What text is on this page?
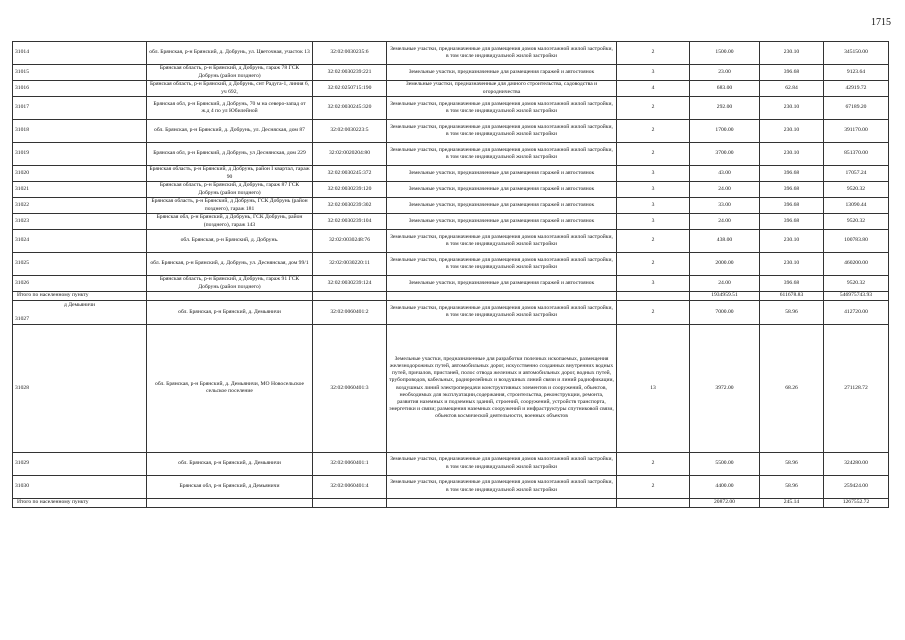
1715
31014	обл. Брянская, р-н Брянский, д. Добрунь, ул. Цветочная, участок 13	32:02:0030235:6	Земельные участки, предназначенные для размещения домов малоэтажной жилой застройки, в том числе индивидуальной жилой застройки	2	1500.00	230.10	345150.00
31015	Брянская область, р-н Брянский, д Добрунь, гараж 78 ГСК Добрунь (район позднего)	32:02:0030239:221	Земельные участки, предназначенные для размещения гаражей и автостоянок	3	23.00	396.68	9123.64
31016	Брянская область, р-н Брянский, д Добрунь, снт Радуга-1, линия 6, уч 692,	32:02:0250715:190	Земельные участки, предназначенные для дачного строительства, садоводства и огородничества	4	683.00	62.84	42919.72
31017	Брянская обл, р-н Брянский, д Добрунь, 70 м на северо-запад от ж.д 4 по ул Юбилейной	32:02:0030245:320	Земельные участки, предназначенные для размещения домов малоэтажной жилой застройки, в том числе индивидуальной жилой застройки	2	292.00	230.10	67189.20
31018	обл. Брянская, р-н Брянский, д. Добрунь, ул. Десняская, дом 87	32:02:0030223:5	Земельные участки, предназначенные для размещения домов малоэтажной жилой застройки, в том числе индивидуальной жилой застройки	2	1700.00	230.10	391170.00
31019	Брянская обл, р-н Брянский, д Добрунь, ул Деснянская, дом 229	32:02:0020204:80	Земельные участки, предназначенные для размещения домов малоэтажной жилой застройки, в том числе индивидуальной жилой застройки	2	3700.00	230.10	851370.00
31020	Брянская область, р-н Брянский, д Добрунь, район I квартал, гараж 90	32:02:0030245:372	Земельные участки, предназначенные для размещения гаражей и автостоянок	3	43.00	396.68	17057.24
31021	Брянская область, р-н Брянский, д Добрунь, гараж 87 ГСК Добрунь (район позднего)	32:02:0030239:120	Земельные участки, предназначенные для размещения гаражей и автостоянок	3	24.00	396.68	9520.32
31022	Брянская область, р-н Брянский, д Добрунь, ГСК Добрунь (район позднего), гараж 181	32:02:0030239:302	Земельные участки, предназначенные для размещения гаражей и автостоянок	3	33.00	396.68	13090.44
31023	Брянская обл, р-н Брянский, д Добрунь, ГСК Добрунь, район (позднего), гараж 143	32:02:0030239:104	Земельные участки, предназначенные для размещения гаражей и автостоянок	3	24.00	396.68	9520.32
31024	обл. Брянская, р-н Брянский, д. Добрунь.	32:02:0030248:76	Земельные участки, предназначенные для размещения домов малоэтажной жилой застройки, в том числе индивидуальной жилой застройки	2	438.00	230.10	100783.80
31025	обл. Брянская, р-н Брянский, д. Добрунь, ул. Деснянская, дом 99/1	32:02:0030220:11	Земельные участки, предназначенные для размещения домов малоэтажной жилой застройки, в том числе индивидуальной жилой застройки	2	2000.00	230.10	460200.00
31026	Брянская область, р-н Брянский, д Добрунь, гараж 91 ГСК Добрунь (район позднего)	32:02:0030239:124	Земельные участки, предназначенные для размещения гаражей и автостоянок	3	24.00	396.68	9520.32
Итого по населенному пункту					1934959.51	611678.83	546975743.93

д Демьяничи

31027	обл. Брянская, р-н Брянский, д. Демьяничи	32:02:0060401:2	Земельные участки, предназначенные для размещения домов малоэтажной жилой застройки, в том числе индивидуальной жилой застройки	2	7000.00	58.96	412720.00
31028	обл. Брянская, р-н Брянский, д. Демьяничи, МО Новосельское сельское поселение	32:02:0060401:3	Земельные участки, предназначенные для разработки полезных ископаемых, размещения железнодорожных путей, автомобильных дорог, искусственно созданных внутренних водных путей, причалов, пристаней, полос отвода железных и автомобильных дорог, водных путей, трубопроводов, кабельных, радиорелейных и воздушных линий связи и линий радиофикации, воздушных линий электропередачи конструктивных элементов и сооружений, объектов, необходимых для эксплуатации,содержания, строительства, реконструкции, ремонта, развития наземных и подземных зданий, строений, сооружений, устройств транспорта, энергетики и связи; размещения наземных сооружений и инфраструктуры спутниковой связи, объектов космической деятельности, военных объектов	13	3972.00	68.26	271128.72
31029	обл. Брянская, р-н Брянский, д. Демьяничи	32:02:0060401:1	Земельные участки, предназначенные для размещения домов малоэтажной жилой застройки, в том числе индивидуальной жилой застройки	2	5500.00	58.96	324280.00
31030	Брянская обл, р-н Брянский, д Демьяничи	32:02:0060401:4	Земельные участки, предназначенные для размещения домов малоэтажной жилой застройки, в том числе индивидуальной жилой застройки	2	4400.00	58.96	259424.00
Итого по населенному пункту					20872.00	245.14	1267552.72
